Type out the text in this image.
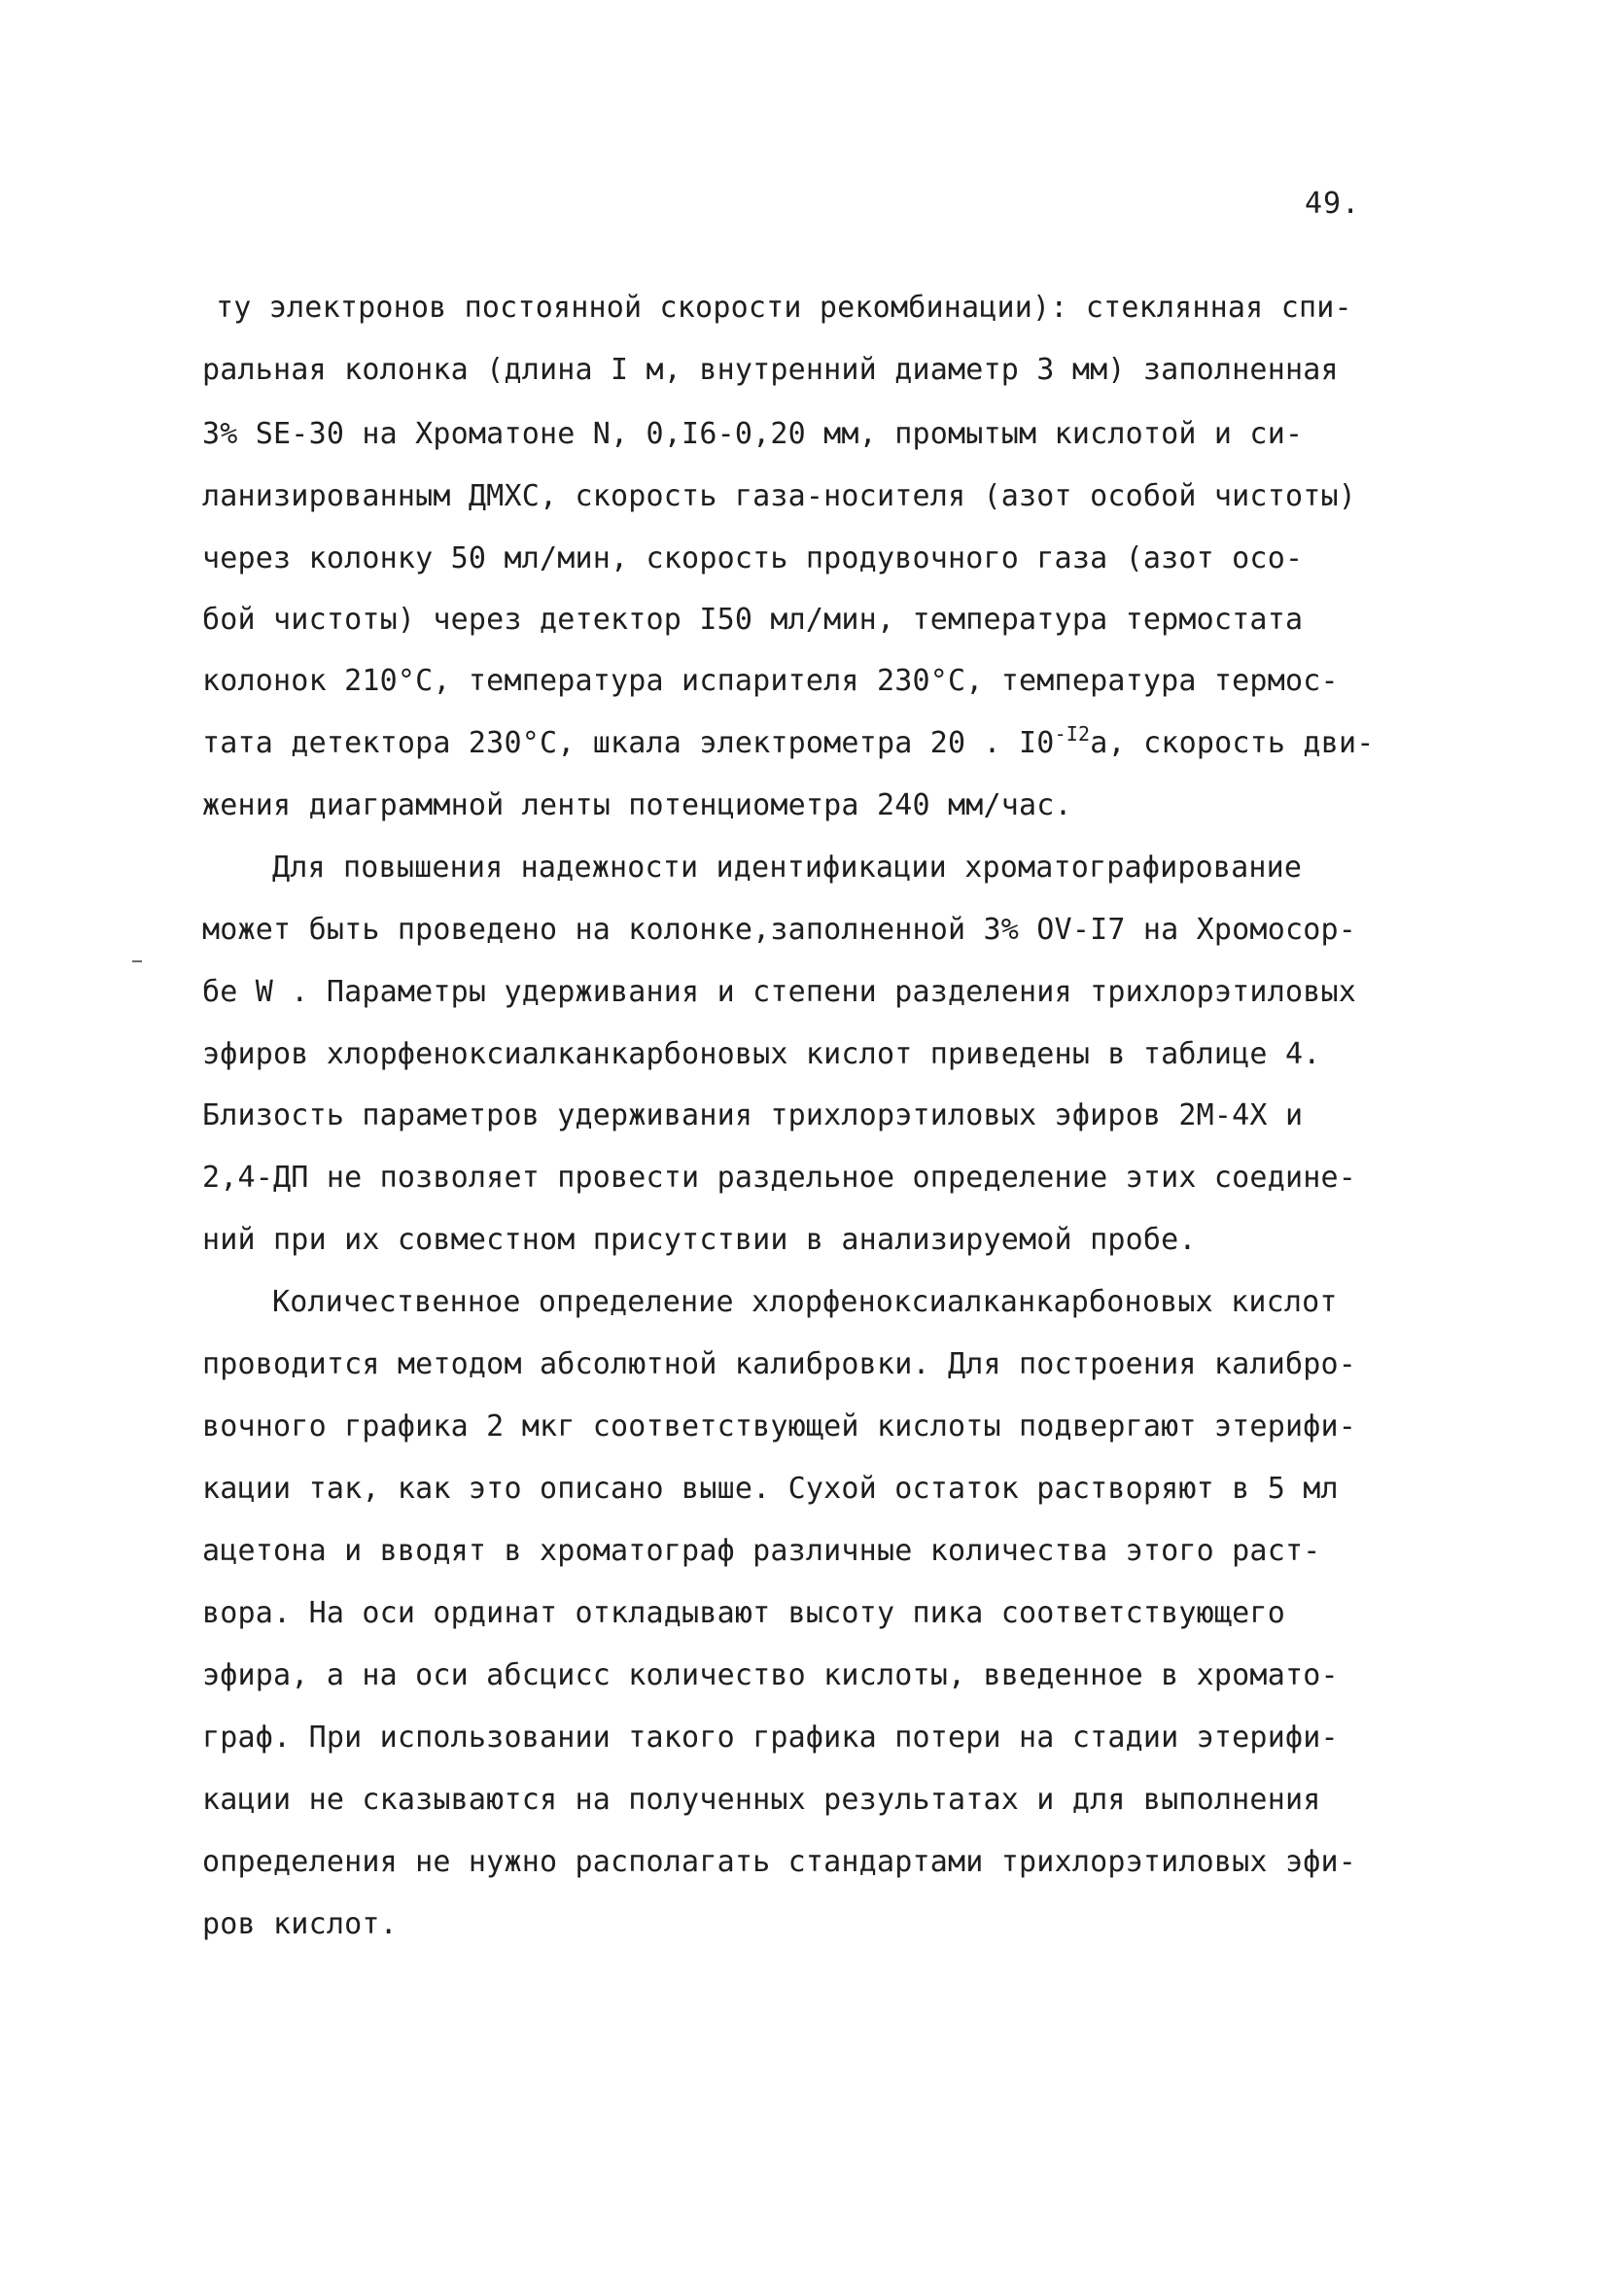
49.
ту электронов постоянной скорости рекомбинации): стеклянная спи-
ральная колонка (длина I м, внутренний диаметр 3 мм) заполненная
3% SE-30 на Хроматоне N, 0,I6-0,20 мм, промытым кислотой и си-
ланизированным ДМХС, скорость газа-носителя (азот особой чистоты)
через колонку 50 мл/мин, скорость продувочного газа (азот осо-
бой чистоты) через детектор I50 мл/мин, температура термостата
колонок 210°С, температура испарителя 230°С, температура термос-
тата детектора 230°С, шкала электрометра 20 . $I0^{-I2}а$, скорость дви-
жения диаграммной ленты потенциометра 240 мм/час.
Для повышения надежности идентификации хроматографирование
может быть проведено на колонке,заполненной 3% OV-I7 на Хромосор-
бе W . Параметры удерживания и степени разделения трихлорэтиловых
эфиров хлорфеноксиалканкарбоновых кислот приведены в таблице 4.
Близость параметров удерживания трихлорэтиловых эфиров 2М-4Х и
2,4-ДП не позволяет провести раздельное определение этих соедине-
ний при их совместном присутствии в анализируемой пробе.
Количественное определение хлорфеноксиалканкарбоновых кислот
проводится методом абсолютной калибровки. Для построения калибро-
вочного графика 2 мкг соответствующей кислоты подвергают этерифи-
кации так, как это описано выше. Сухой остаток растворяют в 5 мл
ацетона и вводят в хроматограф различные количества этого раст-
вора. На оси ординат откладывают высоту пика соответствующего
эфира, а на оси абсцисс количество кислоты, введенное в хромато-
граф. При использовании такого графика потери на стадии этерифи-
кации не сказываются на полученных результатах и для выполнения
определения не нужно располагать стандартами трихлорэтиловых эфи-
ров кислот.
